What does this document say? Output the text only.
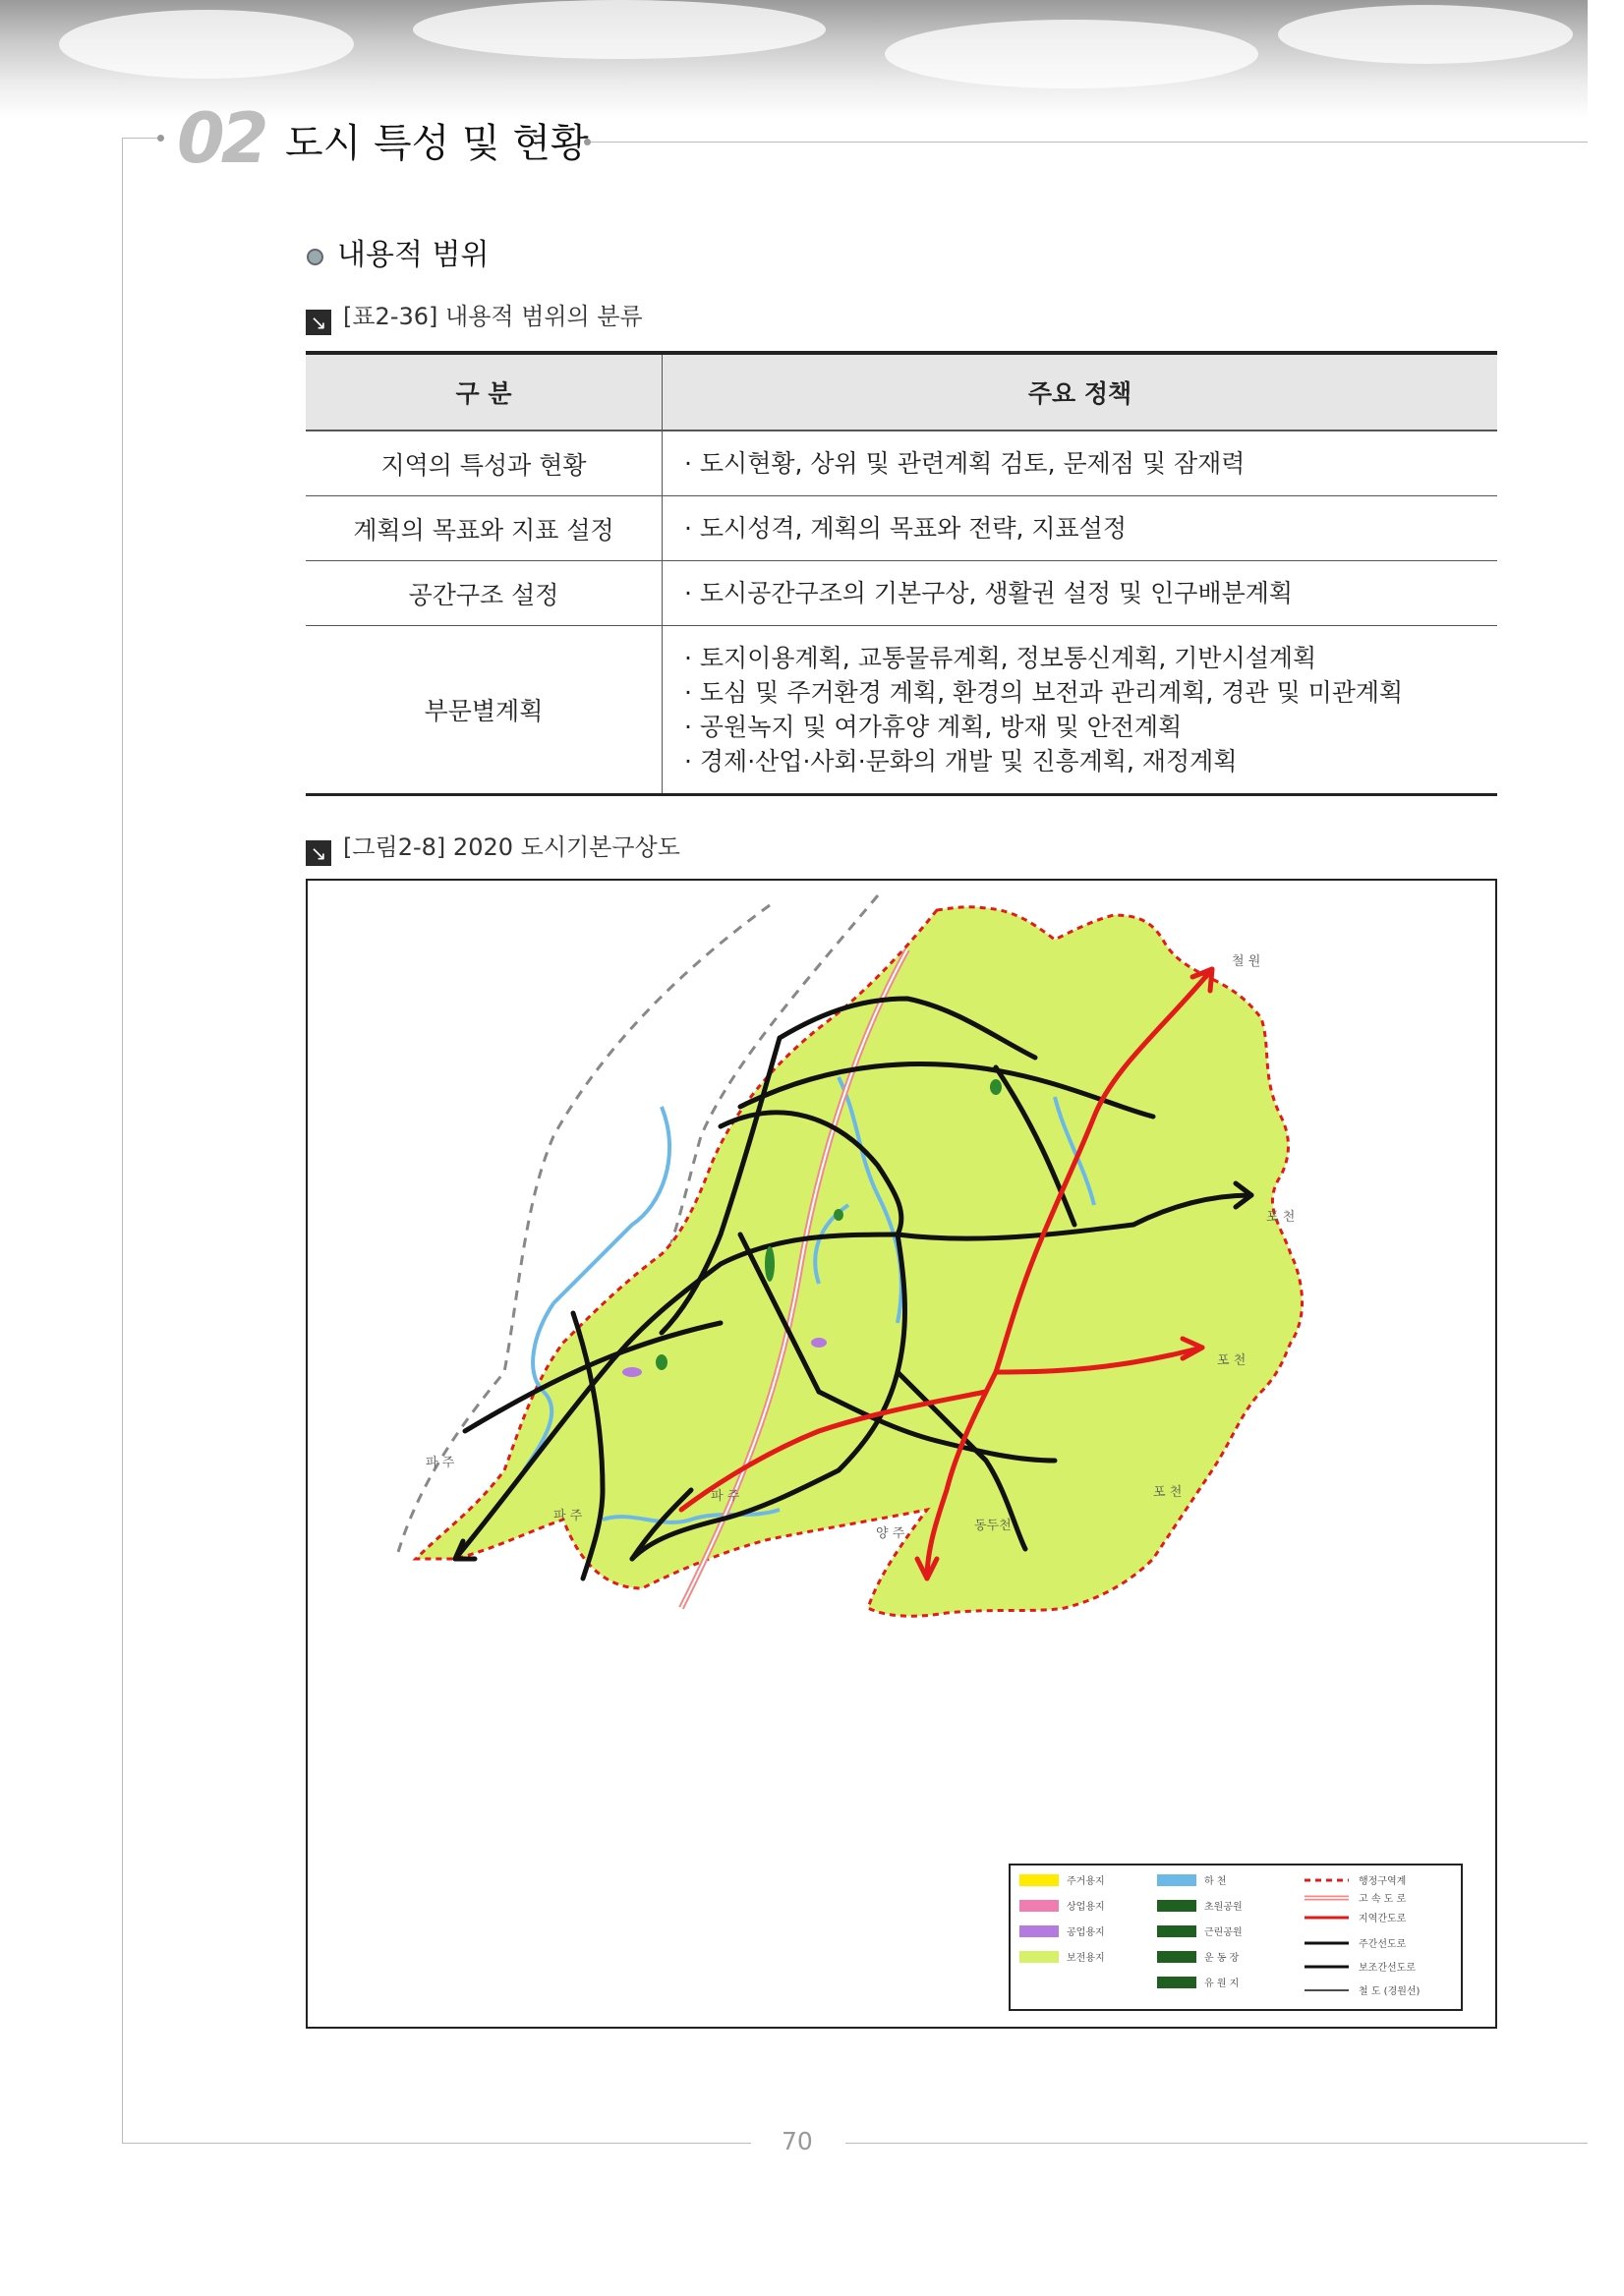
02 도시 특성 및 현황
내용적 범위
↘ [표2-36] 내용적 범위의 분류
구 분	주요 정책
지역의 특성과 현황	· 도시현황, 상위 및 관련계획 검토, 문제점 및 잠재력

계획의 목표와 지표 설정	· 도시성격, 계획의 목표와 전략, 지표설정

공간구조 설정	· 도시공간구조의 기본구상, 생활권 설정 및 인구배분계획

부문별계획	· 토지이용계획, 교통물류계획, 정보통신계획, 기반시설계획
· 도심 및 주거환경 계획, 환경의 보전과 관리계획, 경관 및 미관계획
· 공원녹지 및 여가휴양 계획, 방재 및 안전계획
· 경제·산업·사회·문화의 개발 및 진흥계획, 재정계획
↘ [그림2-8] 2020 도시기본구상도
철 원
포 천
포 천
포 천
동두천
양 주
파 주
파 주
파 주
주거용지
상업용지
공업용지
보전용지
하 천
초원공원
근린공원
운 동 장
유 원 지
행정구역계
고 속 도 로
지역간도로
주간선도로
보조간선도로
철 도 (경원선)
70
